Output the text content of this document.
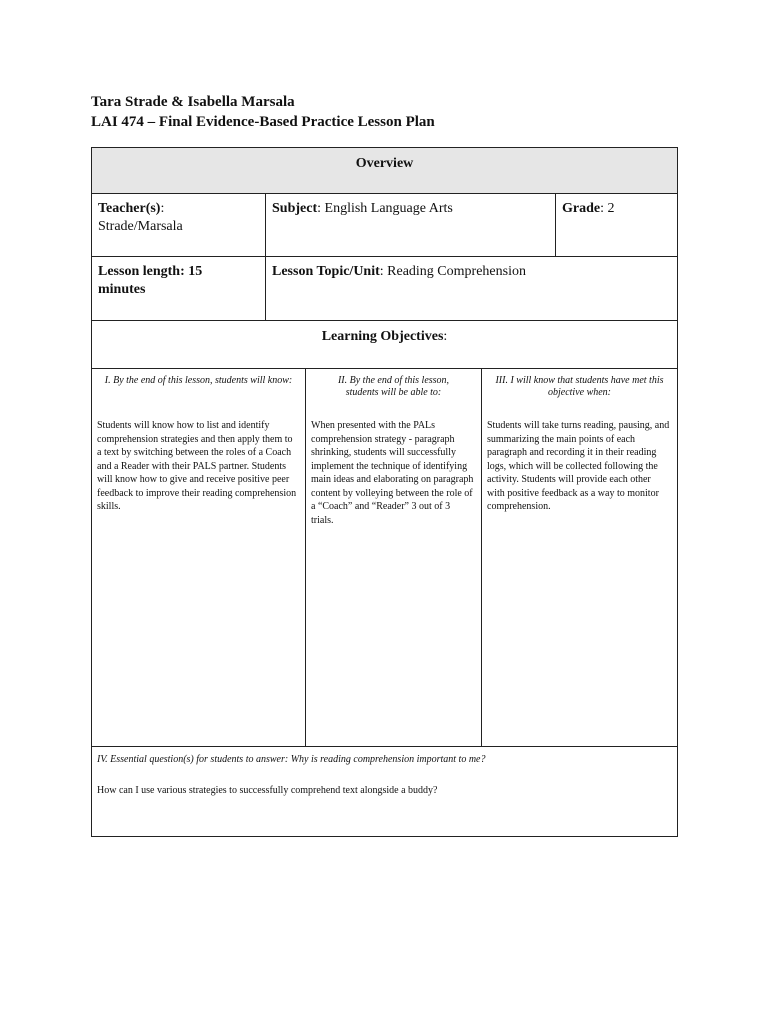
Tara Strade & Isabella Marsala
LAI 474 – Final Evidence-Based Practice Lesson Plan
Overview
Teacher(s):
Strade/Marsala
Subject: English Language Arts	Grade: 2
Lesson length: 15 minutes
Lesson Topic/Unit: Reading Comprehension
Learning Objectives:
I. By the end of this lesson, students will know:
Students will know how to list and identify comprehension strategies and then apply them to a text by switching between the roles of a Coach and a Reader with their PALS partner. Students will know how to give and receive positive peer feedback to improve their reading comprehension skills.
II. By the end of this lesson, students will be able to:
When presented with the PALs comprehension strategy - paragraph shrinking, students will successfully implement the technique of identifying main ideas and elaborating on paragraph content by volleying between the role of a “Coach” and “Reader” 3 out of 3 trials.
III. I will know that students have met this objective when:
Students will take turns reading, pausing, and summarizing the main points of each paragraph and recording it in their reading logs, which will be collected following the activity. Students will provide each other with positive feedback as a way to monitor comprehension.
IV. Essential question(s) for students to answer: Why is reading comprehension important to me?
How can I use various strategies to successfully comprehend text alongside a buddy?
